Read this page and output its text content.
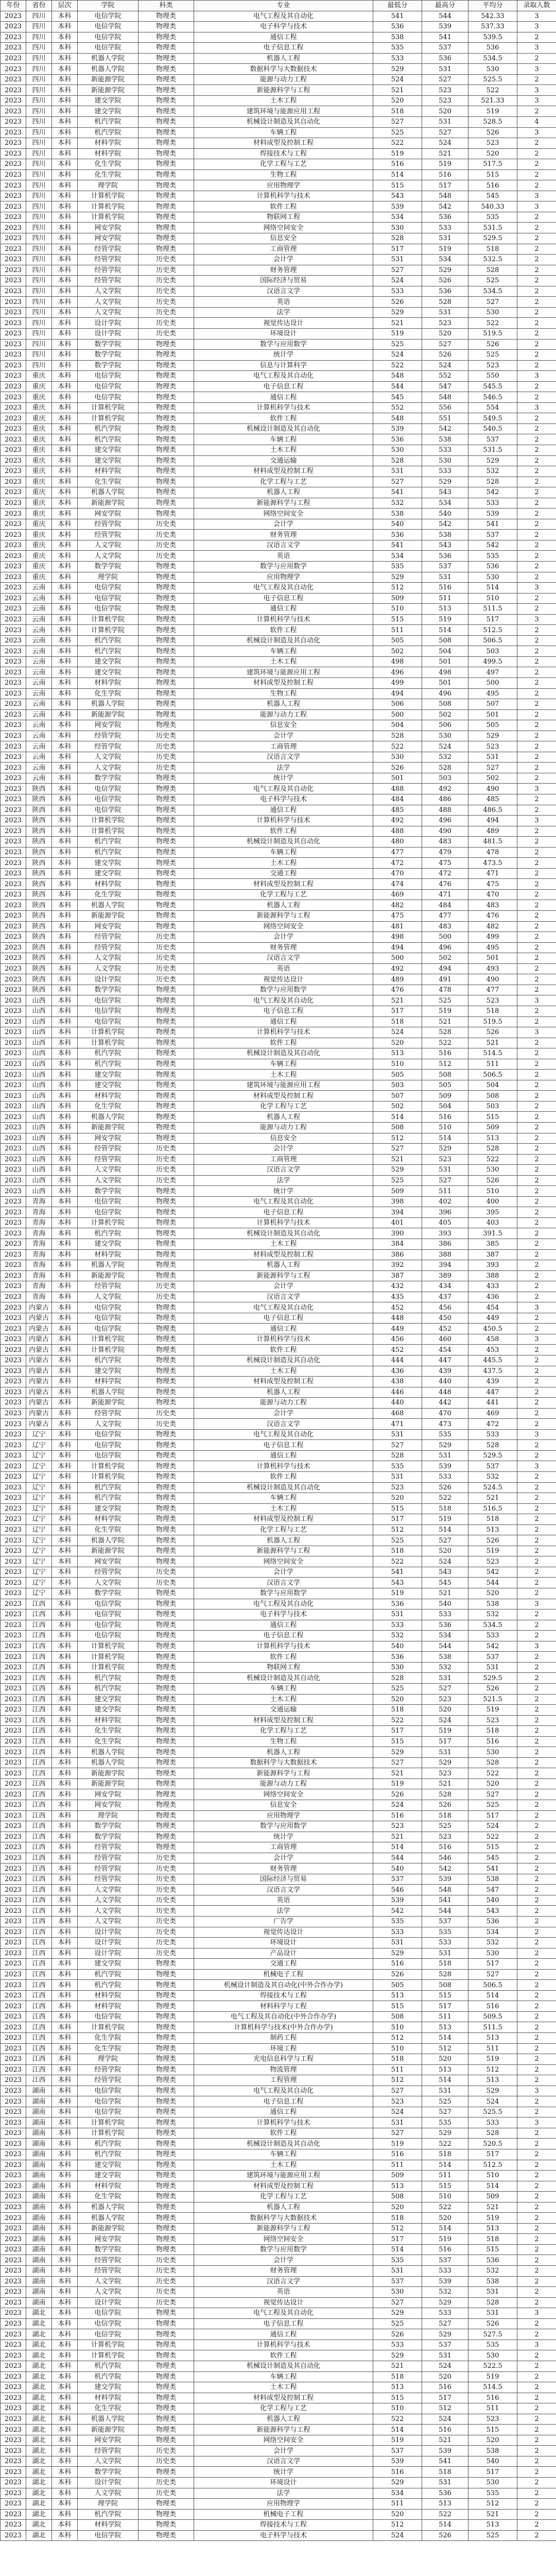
年份	省份	层次	学院	科类	专业	最低分	最高分	平均分	录取人数
2023	四川	本科	电信学院	物理类	电气工程及其自动化	541	544	542.33	3
2023	四川	本科	电信学院	物理类	电子科学与技术	536	539	537.33	3
2023	四川	本科	电信学院	物理类	通信工程	538	541	539.5	2
2023	四川	本科	电信学院	物理类	电子信息工程	535	537	536	3
2023	四川	本科	机器人学院	物理类	机器人工程	533	536	534.5	2
2023	四川	本科	机器人学院	物理类	数据科学与大数据技术	529	531	530	3
2023	四川	本科	新能源学院	物理类	能源与动力工程	524	527	525.5	2
2023	四川	本科	新能源学院	物理类	新能源科学与工程	521	523	522	3
2023	四川	本科	建交学院	物理类	土木工程	520	523	521.33	3
2023	四川	本科	建交学院	物理类	建筑环境与能源应用工程	518	520	519	2
2023	四川	本科	机汽学院	物理类	机械设计制造及其自动化	527	531	528.5	4
2023	四川	本科	机汽学院	物理类	车辆工程	525	527	526	3
2023	四川	本科	材料学院	物理类	材料成型及控制工程	522	524	523	2
2023	四川	本科	材料学院	物理类	焊接技术与工程	519	521	520	2
2023	四川	本科	化生学院	物理类	化学工程与工艺	516	519	517.5	2
2023	四川	本科	化生学院	物理类	生物工程	514	516	515	2
2023	四川	本科	理学院	物理类	应用物理学	515	517	516	2
2023	四川	本科	计算机学院	物理类	计算机科学与技术	543	548	545	3
2023	四川	本科	计算机学院	物理类	软件工程	539	542	540.33	3
2023	四川	本科	计算机学院	物理类	物联网工程	534	536	535	2
2023	四川	本科	网安学院	物理类	网络空间安全	530	533	531.5	2
2023	四川	本科	网安学院	物理类	信息安全	528	531	529.5	2
2023	四川	本科	经管学院	物理类	工商管理	517	519	518	2
2023	四川	本科	经管学院	历史类	会计学	531	534	532.5	2
2023	四川	本科	经管学院	历史类	财务管理	527	529	528	2
2023	四川	本科	经管学院	历史类	国际经济与贸易	524	526	525	2
2023	四川	本科	人文学院	历史类	汉语言文学	533	536	534.5	2
2023	四川	本科	人文学院	历史类	英语	526	528	527	2
2023	四川	本科	人文学院	历史类	法学	529	531	530	2
2023	四川	本科	设计学院	历史类	视觉传达设计	521	523	522	2
2023	四川	本科	设计学院	历史类	环境设计	519	520	519.5	2
2023	四川	本科	数学学院	物理类	数学与应用数学	525	527	526	2
2023	四川	本科	数学学院	物理类	统计学	524	526	525	2
2023	四川	本科	数学学院	物理类	信息与计算科学	522	524	523	2
2023	重庆	本科	电信学院	物理类	电气工程及其自动化	548	552	550	3
2023	重庆	本科	电信学院	物理类	电子信息工程	544	547	545.5	2
2023	重庆	本科	电信学院	物理类	通信工程	545	548	546.5	2
2023	重庆	本科	计算机学院	物理类	计算机科学与技术	552	556	554	3
2023	重庆	本科	计算机学院	物理类	软件工程	548	551	549.5	2
2023	重庆	本科	机汽学院	物理类	机械设计制造及其自动化	539	542	540.5	2
2023	重庆	本科	机汽学院	物理类	车辆工程	536	538	537	2
2023	重庆	本科	建交学院	物理类	土木工程	530	533	531.5	2
2023	重庆	本科	建交学院	物理类	交通运输	528	530	529	2
2023	重庆	本科	材料学院	物理类	材料成型及控制工程	531	533	532	2
2023	重庆	本科	化生学院	物理类	化学工程与工艺	527	529	528	2
2023	重庆	本科	机器人学院	物理类	机器人工程	541	543	542	2
2023	重庆	本科	新能源学院	物理类	新能源科学与工程	532	534	533	2
2023	重庆	本科	网安学院	物理类	网络空间安全	538	540	539	2
2023	重庆	本科	经管学院	历史类	会计学	540	542	541	2
2023	重庆	本科	经管学院	历史类	财务管理	536	538	537	2
2023	重庆	本科	人文学院	历史类	汉语言文学	541	543	542	2
2023	重庆	本科	人文学院	历史类	英语	534	536	535	2
2023	重庆	本科	数学学院	物理类	数学与应用数学	535	537	536	2
2023	重庆	本科	理学院	物理类	应用物理学	529	531	530	2
2023	云南	本科	电信学院	物理类	电气工程及其自动化	512	516	514	3
2023	云南	本科	电信学院	物理类	电子信息工程	509	511	510	2
2023	云南	本科	电信学院	物理类	通信工程	510	513	511.5	2
2023	云南	本科	计算机学院	物理类	计算机科学与技术	515	519	517	3
2023	云南	本科	计算机学院	物理类	软件工程	511	514	512.5	2
2023	云南	本科	机汽学院	物理类	机械设计制造及其自动化	505	508	506.5	2
2023	云南	本科	机汽学院	物理类	车辆工程	502	504	503	2
2023	云南	本科	建交学院	物理类	土木工程	498	501	499.5	2
2023	云南	本科	建交学院	物理类	建筑环境与能源应用工程	496	498	497	2
2023	云南	本科	材料学院	物理类	材料成型及控制工程	499	501	500	2
2023	云南	本科	化生学院	物理类	生物工程	494	496	495	2
2023	云南	本科	机器人学院	物理类	机器人工程	506	508	507	2
2023	云南	本科	新能源学院	物理类	能源与动力工程	500	502	501	2
2023	云南	本科	网安学院	物理类	信息安全	504	506	505	2
2023	云南	本科	经管学院	历史类	会计学	528	530	529	2
2023	云南	本科	经管学院	历史类	工商管理	522	524	523	2
2023	云南	本科	人文学院	历史类	汉语言文学	530	532	531	2
2023	云南	本科	人文学院	历史类	法学	526	528	527	2
2023	云南	本科	数学学院	物理类	统计学	501	503	502	2
2023	陕西	本科	电信学院	物理类	电气工程及其自动化	488	492	490	3
2023	陕西	本科	电信学院	物理类	电子科学与技术	484	486	485	2
2023	陕西	本科	电信学院	物理类	通信工程	485	488	486.5	2
2023	陕西	本科	计算机学院	物理类	计算机科学与技术	492	496	494	3
2023	陕西	本科	计算机学院	物理类	软件工程	488	490	489	2
2023	陕西	本科	机汽学院	物理类	机械设计制造及其自动化	480	483	481.5	2
2023	陕西	本科	机汽学院	物理类	车辆工程	477	479	478	2
2023	陕西	本科	建交学院	物理类	土木工程	472	475	473.5	2
2023	陕西	本科	建交学院	物理类	交通工程	470	472	471	2
2023	陕西	本科	材料学院	物理类	材料成型及控制工程	474	476	475	2
2023	陕西	本科	化生学院	物理类	化学工程与工艺	469	471	470	2
2023	陕西	本科	机器人学院	物理类	机器人工程	482	484	483	2
2023	陕西	本科	新能源学院	物理类	新能源科学与工程	475	477	476	2
2023	陕西	本科	网安学院	物理类	网络空间安全	481	483	482	2
2023	陕西	本科	经管学院	历史类	会计学	498	500	499	2
2023	陕西	本科	经管学院	历史类	财务管理	494	496	495	2
2023	陕西	本科	人文学院	历史类	汉语言文学	500	502	501	2
2023	陕西	本科	人文学院	历史类	英语	492	494	493	2
2023	陕西	本科	设计学院	历史类	视觉传达设计	489	491	490	2
2023	陕西	本科	数学学院	物理类	数学与应用数学	476	478	477	2
2023	山西	本科	电信学院	物理类	电气工程及其自动化	521	525	523	3
2023	山西	本科	电信学院	物理类	电子信息工程	517	519	518	2
2023	山西	本科	电信学院	物理类	通信工程	518	521	519.5	2
2023	山西	本科	计算机学院	物理类	计算机科学与技术	524	528	526	3
2023	山西	本科	计算机学院	物理类	软件工程	520	522	521	2
2023	山西	本科	机汽学院	物理类	机械设计制造及其自动化	513	516	514.5	2
2023	山西	本科	机汽学院	物理类	车辆工程	510	512	511	2
2023	山西	本科	建交学院	物理类	土木工程	505	508	506.5	2
2023	山西	本科	建交学院	物理类	建筑环境与能源应用工程	503	505	504	2
2023	山西	本科	材料学院	物理类	材料成型及控制工程	507	509	508	2
2023	山西	本科	化生学院	物理类	化学工程与工艺	502	504	503	2
2023	山西	本科	机器人学院	物理类	机器人工程	514	516	515	2
2023	山西	本科	新能源学院	物理类	能源与动力工程	508	510	509	2
2023	山西	本科	网安学院	物理类	信息安全	512	514	513	2
2023	山西	本科	经管学院	历史类	会计学	527	529	528	2
2023	山西	本科	经管学院	历史类	工商管理	521	523	522	2
2023	山西	本科	人文学院	历史类	汉语言文学	529	531	530	2
2023	山西	本科	人文学院	历史类	法学	525	527	526	2
2023	山西	本科	数学学院	物理类	统计学	509	511	510	2
2023	青海	本科	电信学院	物理类	电气工程及其自动化	398	402	400	2
2023	青海	本科	电信学院	物理类	电子信息工程	394	396	395	2
2023	青海	本科	计算机学院	物理类	计算机科学与技术	401	405	403	2
2023	青海	本科	机汽学院	物理类	机械设计制造及其自动化	390	393	391.5	2
2023	青海	本科	建交学院	物理类	土木工程	384	386	385	2
2023	青海	本科	材料学院	物理类	材料成型及控制工程	386	388	387	2
2023	青海	本科	机器人学院	物理类	机器人工程	392	394	393	2
2023	青海	本科	新能源学院	物理类	新能源科学与工程	387	389	388	2
2023	青海	本科	经管学院	历史类	会计学	432	434	433	2
2023	青海	本科	人文学院	历史类	汉语言文学	435	437	436	2
2023	内蒙古	本科	电信学院	物理类	电气工程及其自动化	452	456	454	3
2023	内蒙古	本科	电信学院	物理类	电子信息工程	448	450	449	2
2023	内蒙古	本科	电信学院	物理类	通信工程	449	452	450.5	2
2023	内蒙古	本科	计算机学院	物理类	计算机科学与技术	456	460	458	3
2023	内蒙古	本科	计算机学院	物理类	软件工程	452	454	453	2
2023	内蒙古	本科	机汽学院	物理类	机械设计制造及其自动化	444	447	445.5	2
2023	内蒙古	本科	建交学院	物理类	土木工程	436	439	437.5	2
2023	内蒙古	本科	材料学院	物理类	材料成型及控制工程	438	440	439	2
2023	内蒙古	本科	机器人学院	物理类	机器人工程	446	448	447	2
2023	内蒙古	本科	新能源学院	物理类	能源与动力工程	440	442	441	2
2023	内蒙古	本科	经管学院	历史类	会计学	468	470	469	2
2023	内蒙古	本科	人文学院	历史类	汉语言文学	471	473	472	2
2023	辽宁	本科	电信学院	物理类	电气工程及其自动化	531	535	533	3
2023	辽宁	本科	电信学院	物理类	电子信息工程	527	529	528	2
2023	辽宁	本科	电信学院	物理类	通信工程	528	531	529.5	2
2023	辽宁	本科	计算机学院	物理类	计算机科学与技术	535	539	537	3
2023	辽宁	本科	计算机学院	物理类	软件工程	531	533	532	2
2023	辽宁	本科	机汽学院	物理类	机械设计制造及其自动化	523	526	524.5	2
2023	辽宁	本科	机汽学院	物理类	车辆工程	520	522	521	2
2023	辽宁	本科	建交学院	物理类	土木工程	515	518	516.5	2
2023	辽宁	本科	材料学院	物理类	材料成型及控制工程	517	519	518	2
2023	辽宁	本科	化生学院	物理类	化学工程与工艺	512	514	513	2
2023	辽宁	本科	机器人学院	物理类	机器人工程	525	527	526	2
2023	辽宁	本科	新能源学院	物理类	新能源科学与工程	518	520	519	2
2023	辽宁	本科	网安学院	物理类	网络空间安全	522	524	523	2
2023	辽宁	本科	经管学院	历史类	会计学	541	543	542	2
2023	辽宁	本科	人文学院	历史类	汉语言文学	543	545	544	2
2023	辽宁	本科	数学学院	物理类	数学与应用数学	519	521	520	2
2023	江西	本科	电信学院	物理类	电气工程及其自动化	536	540	538	3
2023	江西	本科	电信学院	物理类	电子科学与技术	531	533	532	2
2023	江西	本科	电信学院	物理类	通信工程	533	536	534.5	2
2023	江西	本科	电信学院	物理类	电子信息工程	532	534	533	2
2023	江西	本科	计算机学院	物理类	计算机科学与技术	540	544	542	3
2023	江西	本科	计算机学院	物理类	软件工程	536	538	537	2
2023	江西	本科	计算机学院	物理类	物联网工程	530	532	531	2
2023	江西	本科	机汽学院	物理类	机械设计制造及其自动化	528	531	529.5	2
2023	江西	本科	机汽学院	物理类	车辆工程	525	527	526	2
2023	江西	本科	建交学院	物理类	土木工程	520	523	521.5	2
2023	江西	本科	建交学院	物理类	交通运输	518	520	519	2
2023	江西	本科	材料学院	物理类	材料成型及控制工程	522	524	523	2
2023	江西	本科	化生学院	物理类	化学工程与工艺	517	519	518	2
2023	江西	本科	化生学院	物理类	生物工程	515	517	516	2
2023	江西	本科	机器人学院	物理类	机器人工程	529	531	530	2
2023	江西	本科	机器人学院	物理类	数据科学与大数据技术	527	529	528	2
2023	江西	本科	新能源学院	物理类	新能源科学与工程	521	523	522	2
2023	江西	本科	新能源学院	物理类	能源与动力工程	519	521	520	2
2023	江西	本科	网安学院	物理类	网络空间安全	526	528	527	2
2023	江西	本科	网安学院	物理类	信息安全	524	526	525	2
2023	江西	本科	理学院	物理类	应用物理学	516	518	517	2
2023	江西	本科	数学学院	物理类	数学与应用数学	523	525	524	2
2023	江西	本科	数学学院	物理类	统计学	521	523	522	2
2023	江西	本科	经管学院	物理类	工商管理	514	516	515	2
2023	江西	本科	经管学院	历史类	会计学	544	546	545	2
2023	江西	本科	经管学院	历史类	财务管理	540	542	541	2
2023	江西	本科	经管学院	历史类	国际经济与贸易	537	539	538	2
2023	江西	本科	人文学院	历史类	汉语言文学	546	548	547	2
2023	江西	本科	人文学院	历史类	英语	539	541	540	2
2023	江西	本科	人文学院	历史类	法学	542	544	543	2
2023	江西	本科	人文学院	历史类	广告学	535	537	536	2
2023	江西	本科	设计学院	历史类	视觉传达设计	533	535	534	2
2023	江西	本科	设计学院	历史类	环境设计	531	533	532	2
2023	江西	本科	设计学院	历史类	产品设计	529	531	530	2
2023	江西	本科	建交学院	物理类	交通工程	516	518	517	2
2023	江西	本科	机汽学院	物理类	机械电子工程	526	528	527	2
2023	江西	本科	机汽学院	物理类	机械设计制造及其自动化(中外合作办学)	505	508	506.5	2
2023	江西	本科	材料学院	物理类	焊接技术与工程	513	515	514	2
2023	江西	本科	材料学院	物理类	材料科学与工程	515	517	516	2
2023	江西	本科	电信学院	物理类	电气工程及其自动化(中外合作办学)	508	511	509.5	2
2023	江西	本科	计算机学院	物理类	计算机科学与技术(中外合作办学)	510	513	511.5	2
2023	江西	本科	化生学院	物理类	制药工程	512	514	513	2
2023	江西	本科	化生学院	物理类	环境工程	510	512	511	2
2023	江西	本科	理学院	物理类	光电信息科学与工程	518	520	519	2
2023	江西	本科	经管学院	物理类	物流管理	511	513	512	2
2023	江西	本科	经管学院	物理类	工程管理	512	514	513	2
2023	湖南	本科	电信学院	物理类	电气工程及其自动化	527	531	529	3
2023	湖南	本科	电信学院	物理类	电子信息工程	523	525	524	2
2023	湖南	本科	电信学院	物理类	通信工程	524	527	525.5	2
2023	湖南	本科	计算机学院	物理类	计算机科学与技术	531	535	533	3
2023	湖南	本科	计算机学院	物理类	软件工程	527	529	528	2
2023	湖南	本科	机汽学院	物理类	机械设计制造及其自动化	519	522	520.5	2
2023	湖南	本科	机汽学院	物理类	车辆工程	516	518	517	2
2023	湖南	本科	建交学院	物理类	土木工程	511	514	512.5	2
2023	湖南	本科	建交学院	物理类	建筑环境与能源应用工程	509	511	510	2
2023	湖南	本科	材料学院	物理类	材料成型及控制工程	513	515	514	2
2023	湖南	本科	化生学院	物理类	化学工程与工艺	508	510	509	2
2023	湖南	本科	机器人学院	物理类	机器人工程	520	522	521	2
2023	湖南	本科	机器人学院	物理类	数据科学与大数据技术	518	520	519	2
2023	湖南	本科	新能源学院	物理类	新能源科学与工程	512	514	513	2
2023	湖南	本科	网安学院	物理类	网络空间安全	517	519	518	2
2023	湖南	本科	数学学院	物理类	数学与应用数学	514	516	515	2
2023	湖南	本科	经管学院	历史类	会计学	535	537	536	2
2023	湖南	本科	经管学院	历史类	财务管理	531	533	532	2
2023	湖南	本科	人文学院	历史类	汉语言文学	537	539	538	2
2023	湖南	本科	人文学院	历史类	英语	530	532	531	2
2023	湖南	本科	设计学院	历史类	视觉传达设计	527	529	528	2
2023	湖北	本科	电信学院	物理类	电气工程及其自动化	529	533	531	3
2023	湖北	本科	电信学院	物理类	电子信息工程	525	527	526	2
2023	湖北	本科	电信学院	物理类	通信工程	526	529	527.5	2
2023	湖北	本科	计算机学院	物理类	计算机科学与技术	533	537	535	3
2023	湖北	本科	计算机学院	物理类	软件工程	529	531	530	2
2023	湖北	本科	机汽学院	物理类	机械设计制造及其自动化	521	524	522.5	2
2023	湖北	本科	机汽学院	物理类	车辆工程	518	520	519	2
2023	湖北	本科	建交学院	物理类	土木工程	513	516	514.5	2
2023	湖北	本科	材料学院	物理类	材料成型及控制工程	515	517	516	2
2023	湖北	本科	化生学院	物理类	化学工程与工艺	510	512	511	2
2023	湖北	本科	机器人学院	物理类	机器人工程	522	524	523	2
2023	湖北	本科	新能源学院	物理类	新能源科学与工程	514	516	515	2
2023	湖北	本科	网安学院	物理类	网络空间安全	519	521	520	2
2023	湖北	本科	经管学院	历史类	会计学	537	539	538	2
2023	湖北	本科	人文学院	历史类	汉语言文学	539	541	540	2
2023	湖北	本科	数学学院	物理类	统计学	516	518	517	2
2023	湖北	本科	设计学院	历史类	环境设计	529	531	530	2
2023	湖北	本科	人文学院	历史类	法学	534	536	535	2
2023	湖北	本科	理学院	物理类	应用物理学	511	513	512	2
2023	湖北	本科	机汽学院	物理类	机械电子工程	520	522	521	2
2023	湖北	本科	材料学院	物理类	焊接技术与工程	512	514	513	2
2023	湖北	本科	电信学院	物理类	电子科学与技术	524	526	525	2
